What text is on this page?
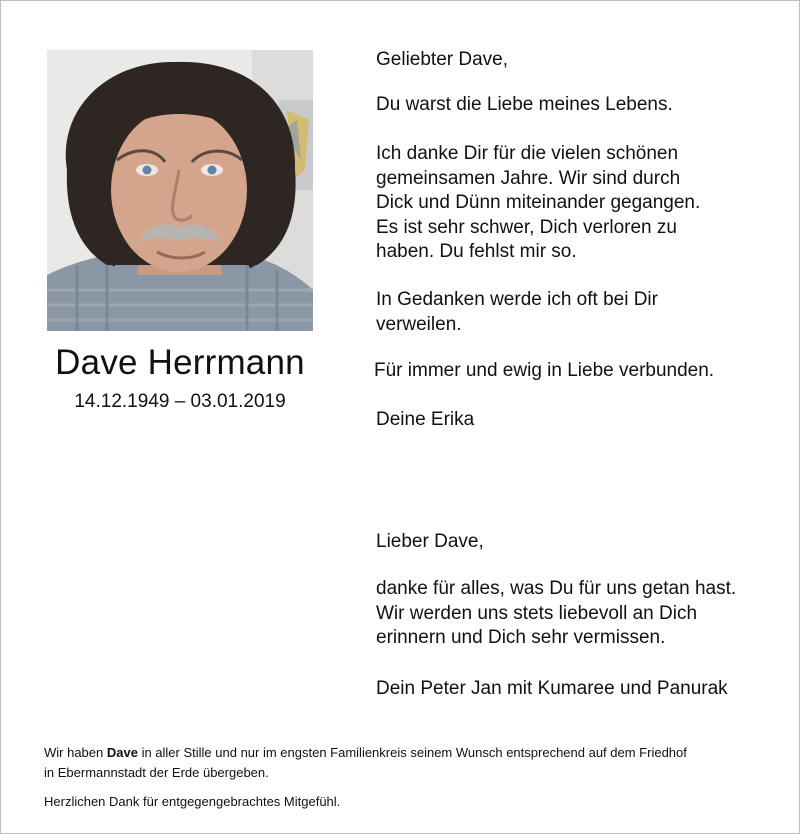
Dave Herrmann
14.12.1949 – 03.01.2019
Geliebter Dave,
Du warst die Liebe meines Lebens.
Ich danke Dir für die vielen schönen
gemeinsamen Jahre. Wir sind durch
Dick und Dünn miteinander gegangen.
Es ist sehr schwer, Dich verloren zu
haben. Du fehlst mir so.
In Gedanken werde ich oft bei Dir
verweilen.
Für immer und ewig in Liebe verbunden.
Deine Erika
Lieber Dave,
danke für alles, was Du für uns getan hast.
Wir werden uns stets liebevoll an Dich
erinnern und Dich sehr vermissen.
Dein Peter Jan mit Kumaree und Panurak
Wir haben Dave in aller Stille und nur im engsten Familienkreis seinem Wunsch entsprechend auf dem Friedhof
in Ebermannstadt der Erde übergeben.
Herzlichen Dank für entgegengebrachtes Mitgefühl.
